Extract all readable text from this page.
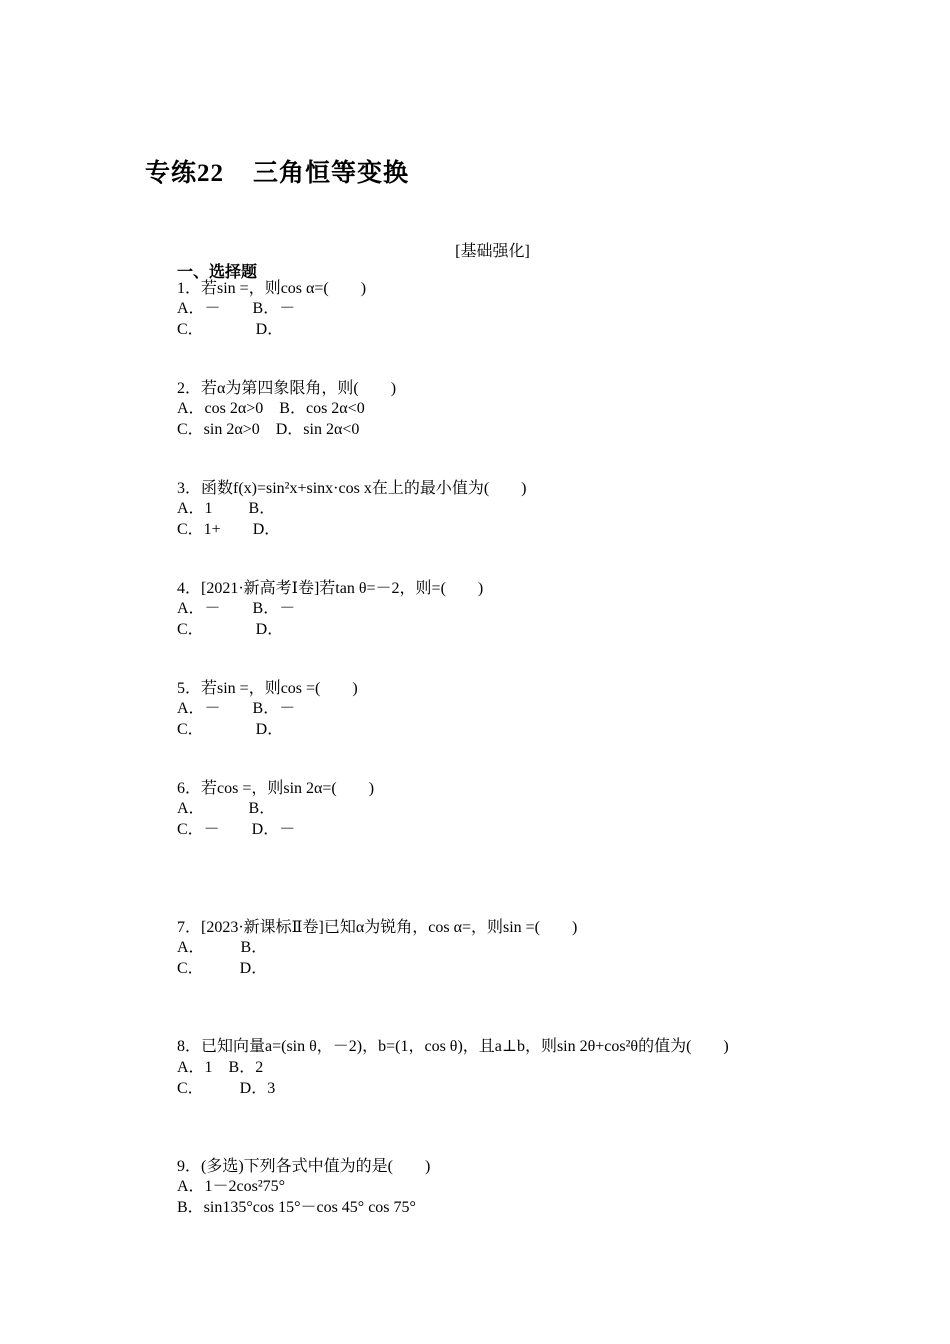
专练22    三角恒等变换
[基础强化]
一、选择题
1．若sin =，则cos α=(        )
A．－        B．－
C．             D．
2．若α为第四象限角，则(        )
A．cos 2α>0    B．cos 2α<0
C．sin 2α>0    D．sin 2α<0
3．函数f(x)=sin²x+sinx·cos x在上的最小值为(        )
A．1         B．
C．1+        D．
4．[2021·新高考Ⅰ卷]若tan θ=－2，则=(        )
A．－        B．－
C．             D．
5．若sin =，则cos =(        )
A．－        B．－
C．             D．
6．若cos =，则sin 2α=(        )
A．           B．
C．－        D．－
7．[2023·新课标Ⅱ卷]已知α为锐角，cos α=，则sin =(        )
A．         B．
C．         D．
8．已知向量a=(sin θ，－2)，b=(1，cos θ)，且a⊥b，则sin 2θ+cos²θ的值为(        )
A．1    B．2
C．         D．3
9．(多选)下列各式中值为的是(        )
A．1－2cos²75°
B．sin135°cos 15°－cos 45° cos 75°
